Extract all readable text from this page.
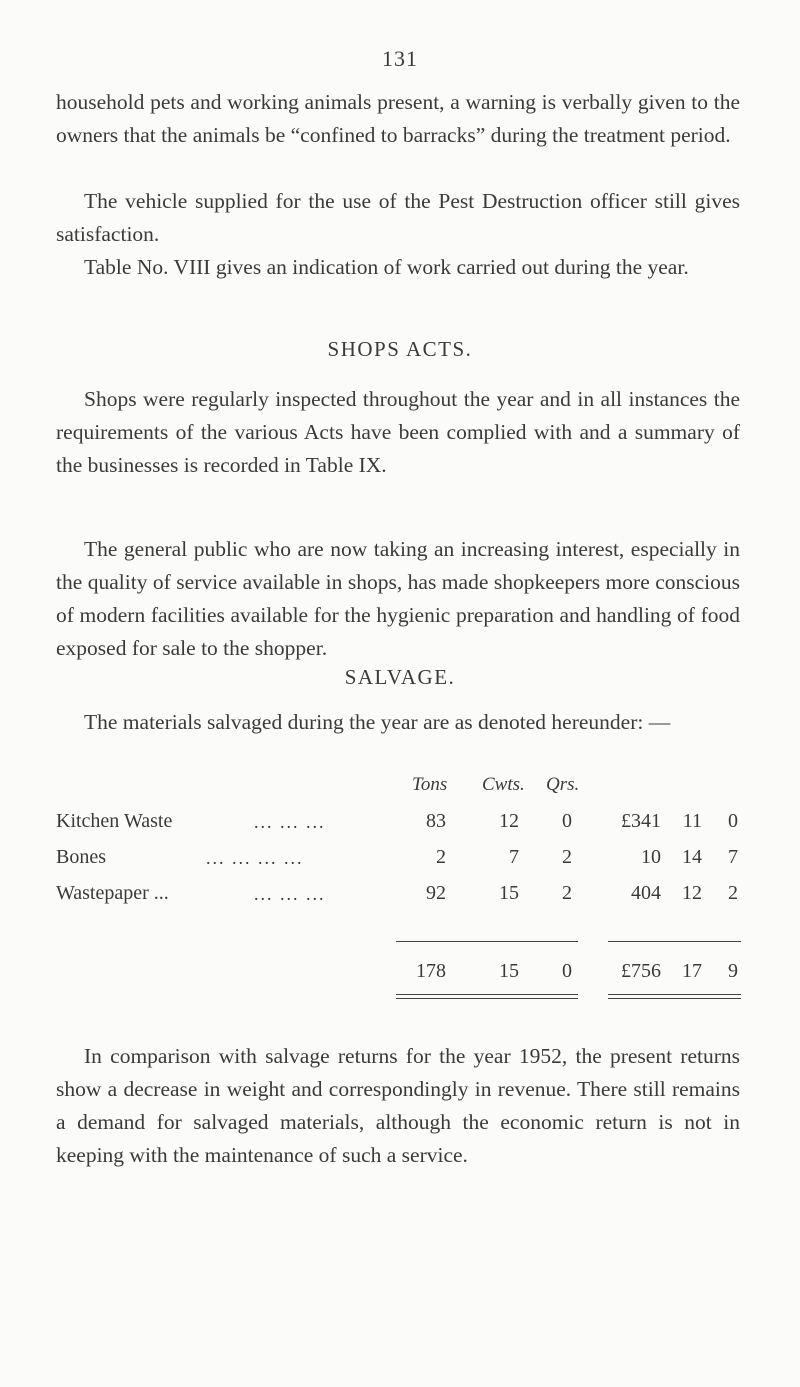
131

household pets and working animals present, a warning is verbally given to the owners that the animals be “confined to barracks” during the treatment period.

The vehicle supplied for the use of the Pest Destruction officer still gives satisfaction.

Table No. VIII gives an indication of work carried out during the year.

SHOPS ACTS.

Shops were regularly inspected throughout the year and in all instances the requirements of the various Acts have been complied with and a summary of the businesses is recorded in Table IX.

The general public who are now taking an increasing interest, especially in the quality of service available in shops, has made shopkeepers more conscious of modern facilities available for the hygienic preparation and handling of food exposed for sale to the shopper.

SALVAGE.

The materials salvaged during the year are as denoted hereunder: —

Tons Cwts. Qrs.
Kitchen Waste	... ... ...	83	12	0	£341	11	0
Bones	... ... ... ...	2	7	2	10	14	7
Wastepaper ...	... ... ...	92	15	2	404	12	2
178	15	0	£756	17	9

In comparison with salvage returns for the year 1952, the present returns show a decrease in weight and correspondingly in revenue. There still remains a demand for salvaged materials, although the economic return is not in keeping with the maintenance of such a service.
